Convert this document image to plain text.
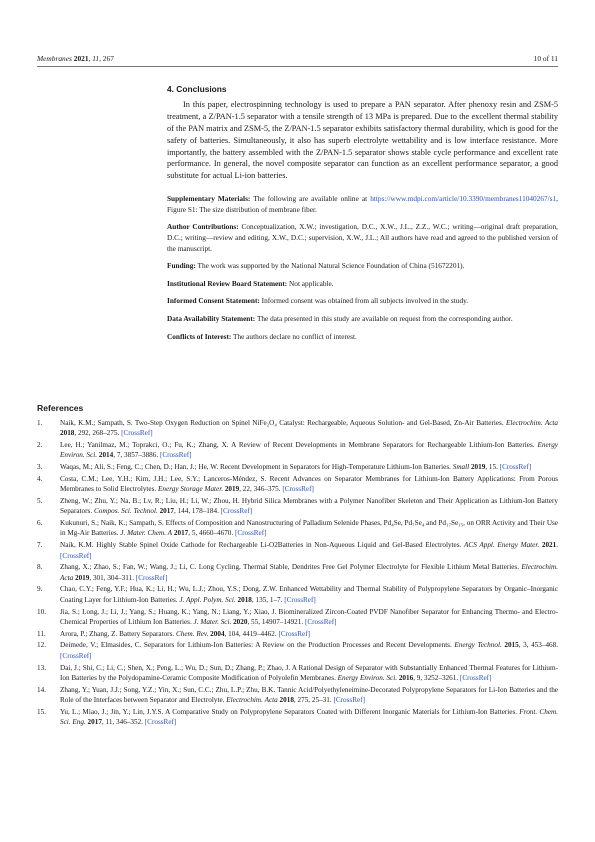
Membranes 2021, 11, 267	10 of 11
4. Conclusions

In this paper, electrospinning technology is used to prepare a PAN separator. After phenoxy resin and ZSM-5 treatment, a Z/PAN-1.5 separator with a tensile strength of 13 MPa is prepared. Due to the excellent thermal stability of the PAN matrix and ZSM-5, the Z/PAN-1.5 separator exhibits satisfactory thermal durability, which is good for the safety of batteries. Simultaneously, it also has superb electrolyte wettability and is low interface resistance. More importantly, the battery assembled with the Z/PAN-1.5 separator shows stable cycle performance and excellent rate performance. In general, the novel composite separator can function as an excellent performance separator, a good substitute for actual Li-ion batteries.

Supplementary Materials: The following are available online at https://www.mdpi.com/article/10.3390/membranes11040267/s1, Figure S1: The size distribution of membrane fiber.

Author Contributions: Conceptualization, X.W.; investigation, D.C., X.W., J.L., Z.Z., W.C.; writing—original draft preparation, D.C.; writing—review and editing, X.W., D.C.; supervision, X.W., J.L.; All authors have read and agreed to the published version of the manuscript.

Funding: The work was supported by the National Natural Science Foundation of China (51672201).

Institutional Review Board Statement: Not applicable.

Informed Consent Statement: Informed consent was obtained from all subjects involved in the study.

Data Availability Statement: The data presented in this study are available on request from the corresponding author.

Conflicts of Interest: The authors declare no conflict of interest.

References
1.	Naik, K.M.; Sampath, S. Two-Step Oxygen Reduction on Spinel NiFe₂O₄ Catalyst: Rechargeable, Aqueous Solution- and Gel-Based, Zn-Air Batteries. Electrochim. Acta 2018, 292, 268–275. [CrossRef]
2.	Lee, H.; Yanilmaz, M.; Toprakci, O.; Fu, K.; Zhang, X. A Review of Recent Developments in Membrane Separators for Rechargeable Lithium-Ion Batteries. Energy Environ. Sci. 2014, 7, 3857–3886. [CrossRef]
3.	Waqas, M.; Ali, S.; Feng, C.; Chen, D.; Han, J.; He, W. Recent Development in Separators for High-Temperature Lithium-Ion Batteries. Small 2019, 15. [CrossRef]
4.	Costa, C.M.; Lee, Y.H.; Kim, J.H.; Lee, S.Y.; Lanceros-Méndez, S. Recent Advances on Separator Membranes for Lithium-Ion Battery Applications: From Porous Membranes to Solid Electrolytes. Energy Storage Mater. 2019, 22, 346–375. [CrossRef]
5.	Zheng, W.; Zhu, Y.; Na, B.; Lv, R.; Liu, H.; Li, W.; Zhou, H. Hybrid Silica Membranes with a Polymer Nanofiber Skeleton and Their Application as Lithium-Ion Battery Separators. Compos. Sci. Technol. 2017, 144, 178–184. [CrossRef]
6.	Kukunuri, S.; Naik, K.; Sampath, S. Effects of Composition and Nanostructuring of Palladium Selenide Phases, Pd₄Se, Pd₇Se₄ and Pd₁₇Se₁₅, on ORR Activity and Their Use in Mg-Air Batteries. J. Mater. Chem. A 2017, 5, 4660–4670. [CrossRef]
7.	Naik, K.M. Highly Stable Spinel Oxide Cathode for Rechargeable Li-O2Batteries in Non-Aqueous Liquid and Gel-Based Electrolytes. ACS Appl. Energy Mater. 2021. [CrossRef]
8.	Zhang, X.; Zhao, S.; Fan, W.; Wang, J.; Li, C. Long Cycling, Thermal Stable, Dendrites Free Gel Polymer Electrolyte for Flexible Lithium Metal Batteries. Electrochim. Acta 2019, 301, 304–311. [CrossRef]
9.	Chao, C.Y.; Feng, Y.F.; Hua, K.; Li, H.; Wu, L.J.; Zhou, Y.S.; Dong, Z.W. Enhanced Wettability and Thermal Stability of Polypropylene Separators by Organic–Inorganic Coating Layer for Lithium-Ion Batteries. J. Appl. Polym. Sci. 2018, 135, 1–7. [CrossRef]
10.	Jia, S.; Long, J.; Li, J.; Yang, S.; Huang, K.; Yang, N.; Liang, Y.; Xiao, J. Biomineralized Zircon-Coated PVDF Nanofiber Separator for Enhancing Thermo- and Electro-Chemical Properties of Lithium Ion Batteries. J. Mater. Sci. 2020, 55, 14907–14921. [CrossRef]
11.	Arora, P.; Zhang, Z. Battery Separators. Chem. Rev. 2004, 104, 4419–4462. [CrossRef]
12.	Deimede, V.; Elmasides, C. Separators for Lithium-Ion Batteries: A Review on the Production Processes and Recent Developments. Energy Technol. 2015, 3, 453–468. [CrossRef]
13.	Dai, J.; Shi, C.; Li, C.; Shen, X.; Peng, L.; Wu, D.; Sun, D.; Zhang, P.; Zhao, J. A Rational Design of Separator with Substantially Enhanced Thermal Features for Lithium-Ion Batteries by the Polydopamine-Ceramic Composite Modification of Polyolefin Membranes. Energy Environ. Sci. 2016, 9, 3252–3261. [CrossRef]
14.	Zhang, Y.; Yuan, J.J.; Song, Y.Z.; Yin, X.; Sun, C.C.; Zhu, L.P.; Zhu, B.K. Tannic Acid/Polyethyleneimine-Decorated Polypropylene Separators for Li-Ion Batteries and the Role of the Interfaces between Separator and Electrolyte. Electrochim. Acta 2018, 275, 25–31. [CrossRef]
15.	Yu, L.; Miao, J.; Jin, Y.; Lin, J.Y.S. A Comparative Study on Polypropylene Separators Coated with Different Inorganic Materials for Lithium-Ion Batteries. Front. Chem. Sci. Eng. 2017, 11, 346–352. [CrossRef]
